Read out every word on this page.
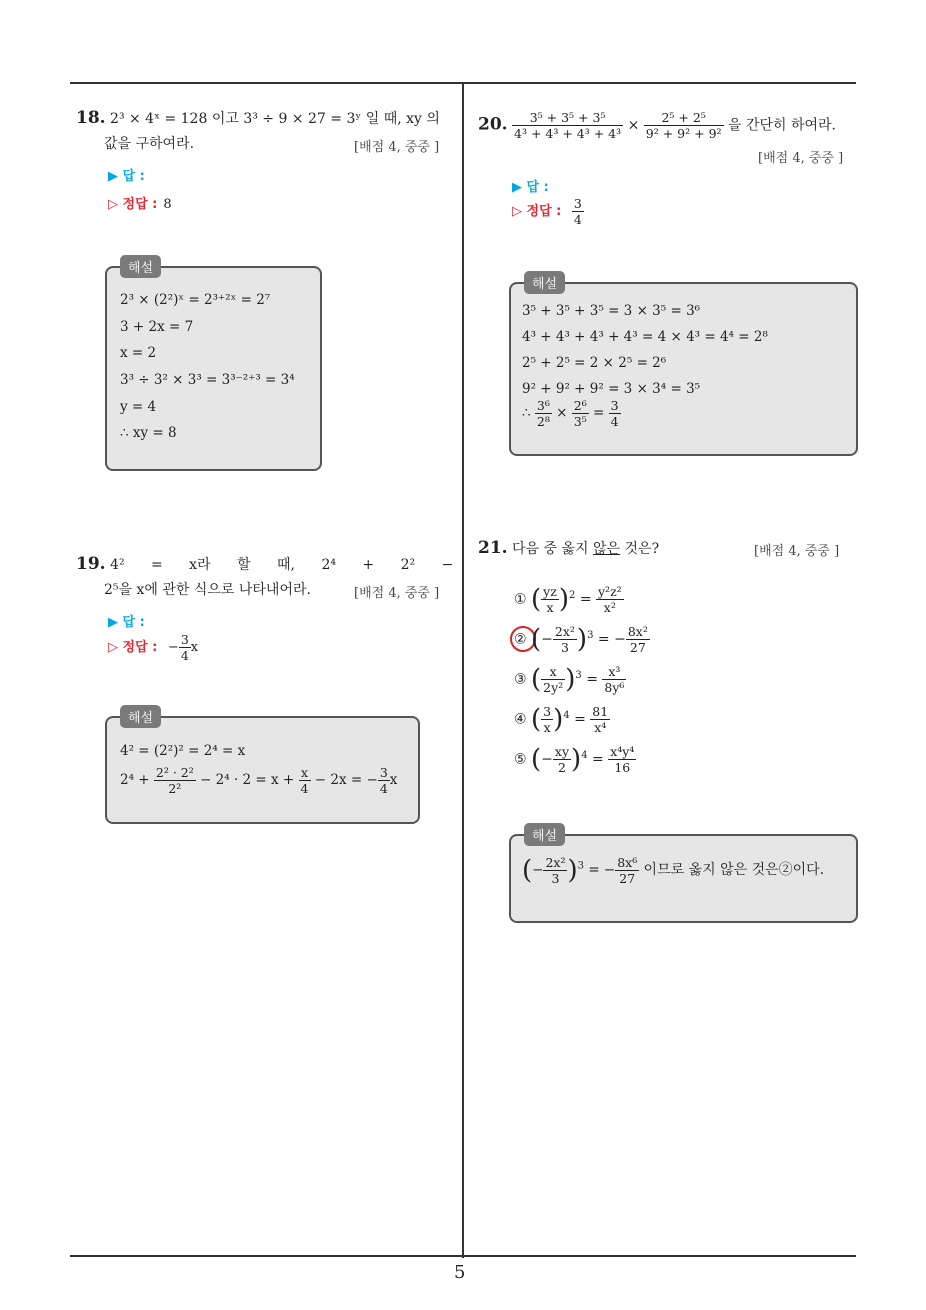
5
18. 2³ × 4ˣ = 128 이고 3³ ÷ 9 × 27 = 3ʸ 일 때, xy 의
값을 구하여라.	[배점 4, 중중 ]
▶ 답 :
▷ 정답 : 8
해설
2³ × (2²)ˣ = 2³⁺²ˣ = 2⁷
3 + 2x = 7
x = 2
3³ ÷ 3² × 3³ = 3³⁻²⁺³ = 3⁴
y = 4
∴ xy = 8
19. 4² = x라 할 때, 2⁴ + 2² −
2⁵을 x에 관한 식으로 나타내어라.	[배점 4, 중중 ]
▶ 답 :
▷ 정답 : − $\frac{3}{4}$ x
해설
4² = (2²)² = 2⁴ = x
$2^4 + \frac{\text{2² · 2²}}{\text{2²}} - 2^4 \cdot 2 = x + \frac{x}{4} - 2x$ = − $\frac{3}{4}$ x
20. $\frac{\text{3⁵ + 3⁵ + 3⁵}}{\text{4³ + 4³ + 4³ + 4³}} \times \frac{\text{2⁵ + 2⁵}}{\text{9² + 9² + 9²}}$ 을 간단히 하여라.
[배점 4, 중중 ]
▶ 답 :
▷ 정답 : $\frac{3}{4}$
해설
3⁵ + 3⁵ + 3⁵ = 3 × 3⁵ = 3⁶
4³ + 4³ + 4³ + 4³ = 4 × 4³ = 4⁴ = 2⁸
2⁵ + 2⁵ = 2 × 2⁵ = 2⁶
9² + 9² + 9² = 3 × 3⁴ = 3⁵
∴ $\frac{\text{3⁶}}{\text{2⁸}} \times \frac{\text{2⁶}}{\text{3⁵}} = \frac{3}{4}$
21. 다음 중 옳지 않은 것은?	[배점 4, 중중 ]
① ( $\frac{yz}{x} )^2 = \frac{\text{y²z²}}{\text{x²}}$
② (− $\frac{\text{2x²}}{3} )^3$ = − $\frac{\text{8x²}}{27}$
③ ( $\frac{x}{\text{2y²}} )^3 = \frac{\text{x³}}{\text{8y⁶}}$
④ ( $\frac{3}{x} )^4 = \frac{81}{\text{x⁴}}$
⑤ (− $\frac{xy}{2} )^4 = \frac{\text{x⁴y⁴}}{16}$
해설
(− $\frac{\text{2x²}}{3} )^3$ = − $\frac{\text{8x⁶}}{27}$ 이므로 옳지 않은 것은②이다.
